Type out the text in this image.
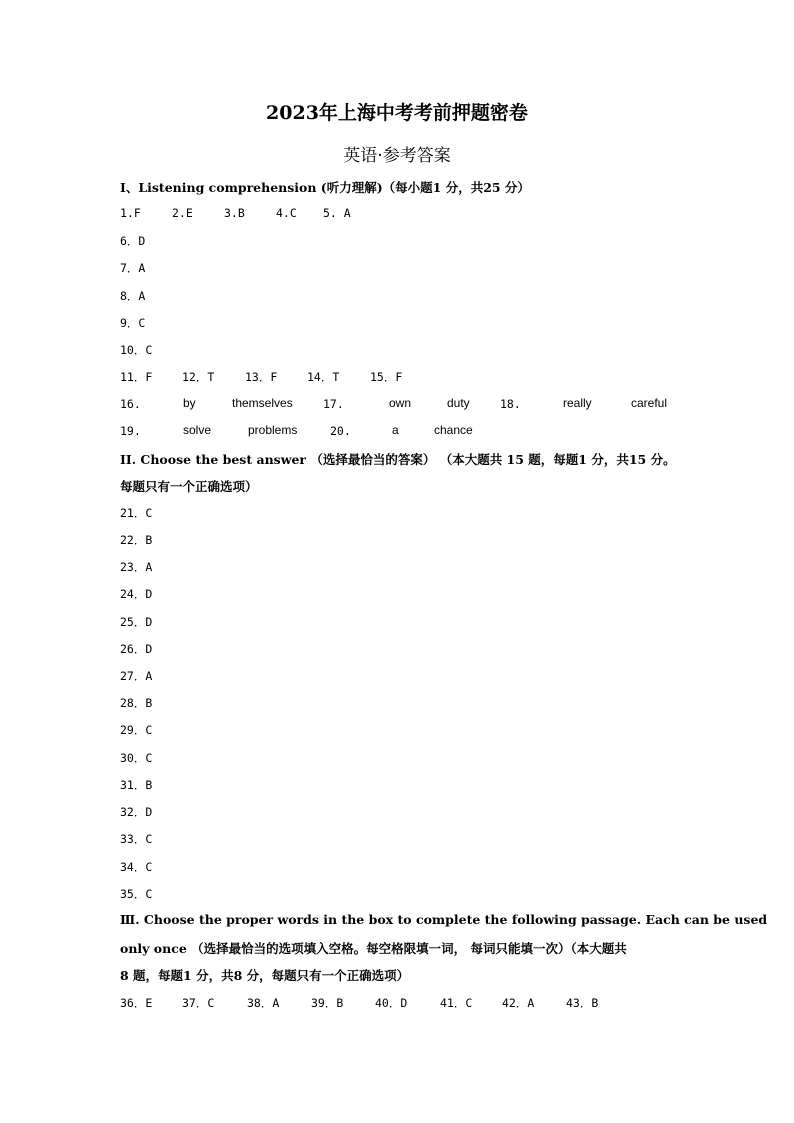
2023年上海中考考前押题密卷
英语·参考答案
I、Listening comprehension (听力理解)（每小题1 分，共25 分）
1.F	2.E	3.B	4.C 5. A
6．D
7．A
8．A
9．C
10．C
11．F	12．T	13．F	14．T	15．F
16.	by	themselves	17.	own	duty	18.	really	careful
19.	solve	problems	20.	a	chance
II. Choose the best answer （选择最恰当的答案） （本大题共 15 题，每题1 分，共15 分。
每题只有一个正确选项）
21．C
22．B
23．A
24．D
25．D
26．D
27．A
28．B
29．C
30．C
31．B
32．D
33．C
34．C
35．C
Ⅲ. Choose the proper words in the box to complete the following passage. Each can be used
only once （选择最恰当的选项填入空格。每空格限填一词， 每词只能填一次）（本大题共
8 题，每题1 分，共8 分，每题只有一个正确选项）
36．E	37．C	38．A	39．B	40．D	41．C	42．A	43．B
